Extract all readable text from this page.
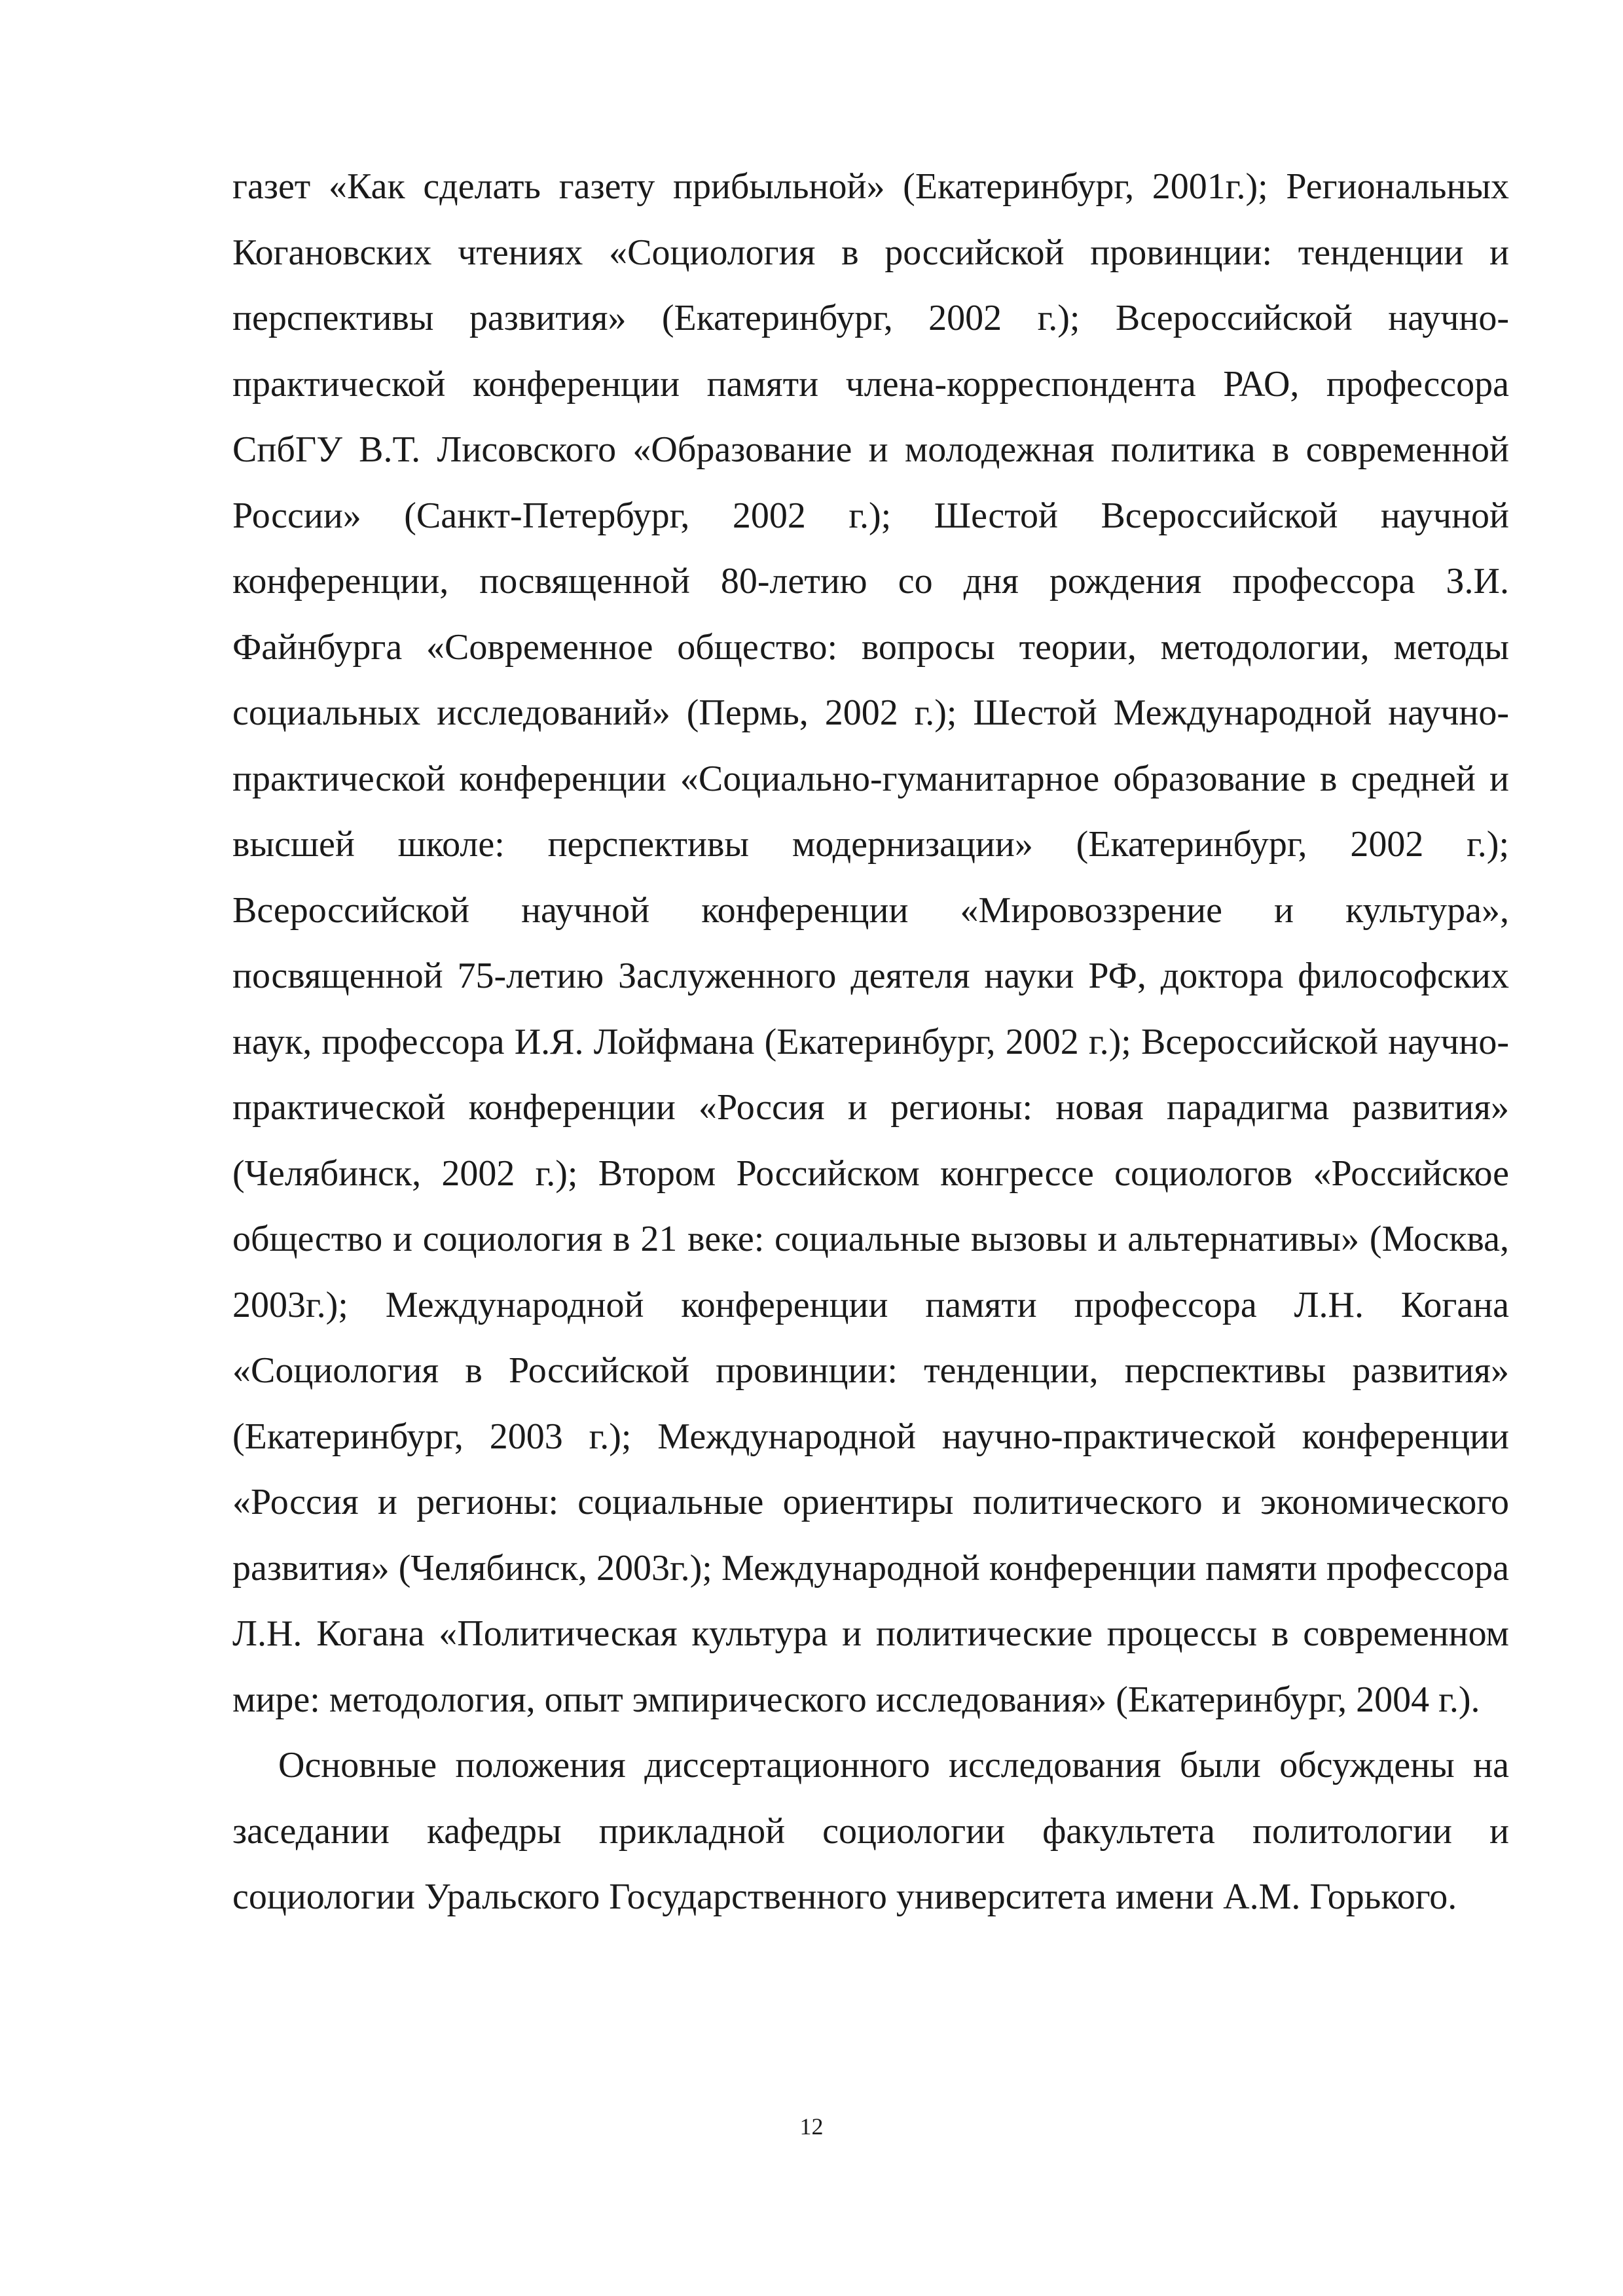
газет «Как сделать газету прибыльной» (Екатеринбург, 2001г.); Региональных Когановских чтениях «Социология в российской провинции: тенденции и перспективы развития» (Екатеринбург, 2002 г.); Всероссийской научно-практической конференции памяти члена-корреспондента РАО, профессора СпбГУ В.Т. Лисовского «Образование и молодежная политика в современной России» (Санкт-Петербург, 2002 г.); Шестой Всероссийской научной конференции, посвященной 80-летию со дня рождения профессора З.И. Файнбурга «Современное общество: вопросы теории, методологии, методы социальных исследований» (Пермь, 2002 г.); Шестой Международной научно-практической конференции «Социально-гуманитарное образование в средней и высшей школе: перспективы модернизации» (Екатеринбург, 2002 г.); Всероссийской научной конференции «Мировоззрение и культура», посвященной 75-летию Заслуженного деятеля науки РФ, доктора философских наук, профессора И.Я. Лойфмана (Екатеринбург, 2002 г.); Всероссийской научно-практической конференции «Россия и регионы: новая парадигма развития» (Челябинск, 2002 г.); Втором Российском конгрессе социологов «Российское общество и социология в 21 веке: социальные вызовы и альтернативы» (Москва, 2003г.); Международной конференции памяти профессора Л.Н. Когана «Социология в Российской провинции: тенденции, перспективы развития» (Екатеринбург, 2003 г.); Международной научно-практической конференции «Россия и регионы: социальные ориентиры политического и экономического развития» (Челябинск, 2003г.); Международной конференции памяти профессора Л.Н. Когана «Политическая культура и политические процессы в современном мире: методология, опыт эмпирического исследования» (Екатеринбург, 2004 г.).

Основные положения диссертационного исследования были обсуждены на заседании кафедры прикладной социологии факультета политологии и социологии Уральского Государственного университета имени А.М. Горького.

12
